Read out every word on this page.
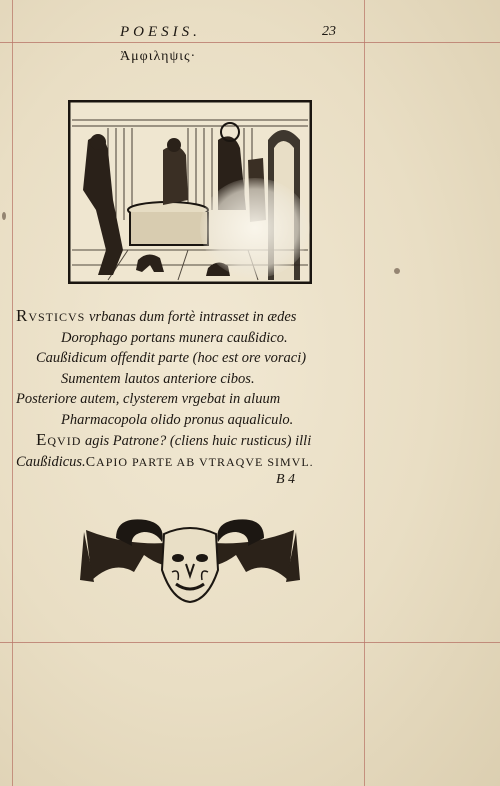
POESIS.	23
Ἀμφιληψις·
RVSTICVS vrbanas dum fortè intrasset in ædes
Dorophago portans munera caußidico.
Caußidicum offendit parte (hoc est ore voraci)
Sumentem lautos anteriore cibos.
Posteriore autem, clysterem vrgebat in aluum
Pharmacopola olido pronus aqualiculo.
EQVID agis Patrone? (cliens huic rusticus) illi
Caußidicus.CAPIO PARTE AB VTRAQVE SIMVL.
B 4
